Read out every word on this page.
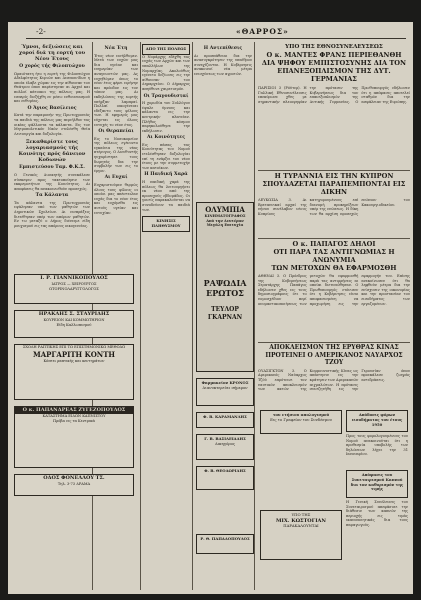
-2-	«ΘΑΡΡΟΣ»
Ύμνοι, δεξιώσεις και χοροί διά τη εορτή του Νέου Έτους
Ο χορός τής Φιλοπτώχου
Ωραιότατη ήτο η εορτή της Φιλοπτώχου Αδελφότητος Κυριών και Δεσποινίδων η οποία έλαβε χώραν εις την αίθουσαν του Θεάτρου όπου παρέστησαν αι Αρχαί και πολλοί κάτοικοι της πόλεως μας. Η εσπερίς διεξήχθη εν μέσω ενθουσιασμού και ευθυμίας.
Ο Άγιος Βασίλειος
Κατά την παραμονήν της Πρωτοχρονιάς τα παιδιά της πόλεως μας περιήλθον τας οικίας ψάλλοντα τα κάλαντα. Εις τον Μητροπολιτικόν Ναόν ετελέσθη Θεία Λειτουργία και δοξολογία.
Ξεκαθαρίστε τους λογαριασμούς τής Κοινότης πρός δάνειον Κοδωνών
Εμπιστεύσου Ταμ. Φ.Κ.Σ.
Ο Γενικός Διοικητής συνεκάλεσε σύσκεψιν προς τακτοποίησιν των εκκρεμοτήτων της Κοινότητος. Αι αποφάσεις θα ανακοινωθούν προσεχώς.
Τα Κάλαντα
Τα κάλαντα της Πρωτοχρονιάς εψάλησαν υπό των μαθητών των Δημοτικών Σχολείων. Αι εισπράξεις διετέθησαν υπέρ των απόρων μαθητών. Εν τω μεταξύ ο Δήμος διένειμε είδη ρουχισμού εις τας απόρους οικογενείας.
Ι. Ρ. ΓΙΑΝΝΙΚΟΠΟΥΛΟΣ
ΙΑΤΡΟΣ — ΧΕΙΡΟΥΡΓΟΣ
ΩΤΟΡΙΝΟΛΑΡΥΓΓΟΛΟΓΟΣ
ΗΡΑΚΛΗΣ Σ. ΣΤΑΥΡΙΔΗΣ
ΚΟΥΡΕΙΟΝ ΚΑΙ ΚΟΜΜΩΤΗΡΙΟΝ
Είδη Καλλωπισμού
ΣΧΟΛΗ ΡΑΠΤΙΚΗΣ ΕΠΙ ΤΩ ΕΠΙΣΤΗΜΟΝΙΚΩ ΜΕΘΟΔΩ
ΜΑΡΓΑΡΙΤΗ ΚΟΝΤΗ
Κόπτει ραπτικής και κεντημάτων
Ο κ. ΠΑΠΑΝΔΡΕΑΣ ΖΥΓΕΖΟΠΟΥΛΟΣ
ΚΑΤΑΣΤΗΜΑ ΕΙΔΩΝ ΚΑΠΝΙΣΤΟΥ
Πρόβα εις τα Κεντρικά
ΟΔΟΣ ΦΟΝΕΛΛΟΥ ΤΣ.
Τηλ. 3-73 ΔΡΑΜΑ
Νέα Έτη
Έτος νέον εισήλθομεν. Μετά των ευχών μας δια υγείαν και ευημερίαν των αναγνωστών μας. Ας ευχηθώμεν όπως το νέον έτος φέρει ειρήνην και πρόοδον εις τον τόπον μας. Αι εκδηλώσεις της εορτής υπήρξαν λαμπραί. Πολλαί οικογένειαι εδέξαντο τους φίλους των. Η εφημερίς μας εύχεται εις όλους ευτυχές το νέον έτος.
Οι Θεραπείαι
Εις το Νοσοκομείον της πόλεως εγένοντο εγκαίνια της νέας πτέρυγος. Ο Διευθυντής ηυχαρίστησε τους δωρητάς δια την συμβολήν των εις το έργον.
Αι Ευχαί
Ευχαριστούμεν θερμώς όλους τους φίλους οι οποίοι μας απέστειλαν ευχάς δια το νέον έτος και ευχόμεθα εις αυτούς υγείαν και ευτυχίαν.
ΑΠΟ ΤΗΣ ΠΟΛΕΩΣ
Ο Νομάρχης εδέχθη τας ευχάς των Αρχών και των υπαλλήλων της Νομαρχίας. Ακολούθως εγένετο δεξίωσις εις την αίθουσαν του Δημαρχείου. Ο Δήμαρχος απηύθυνε χαιρετισμόν.
Οι Τραγουδισταί
Η χορωδία του Συλλόγου έψαλε ύμνους και κάλαντα εις την κεντρικήν πλατείαν. Πλήθος κόσμου παρηκολούθησε την εκδήλωσιν.
Αι Κοινότητες
Εις πάσας τας Κοινότητας του Νομού ετελέσθησαν δοξολογίαι επί τη ενάρξει του νέου έτους με την συμμετοχήν των κατοίκων.
Η Παιδική Χαρά
Η παιδική χαρά της πόλεως θα λειτουργήσει εκ νέου από της προσεχούς εβδομάδος. Οι γονείς παρακαλούνται να συνοδεύουν τα παιδιά των.
ΚΙΝΗΣΙΣ ΠΛΗΘΥΣΜΟΥ
Η Αντεπίθεσις
Αι προσπάθειαι δια την ανασυγκρότησιν της υπαίθρου συνεχίζονται. Η Κυβέρνησις ανακοινοί νέα μέτρα ενισχύσεως των αγροτών.
ΟΛΥΜΠΙΑ
ΚΙΝΗΜΑΤΟΓΡΑΦΟΣ
Από την Δευτέραν
Μεγάλη Επιτυχία
ΡΑΨΩΔΙΑ ΕΡΩΤΟΣ
ΤΕΥΛΟΡ
ΓΚΑΡΝΑΝ
Φαρμακείον ΚΡΟΝΟΣ
Διανυκτερεύει σήμερον
Φ. Β. ΚΑΡΑΜΑΝΛΗΣ
Γ. Β. ΒΑΣΙΛΕΙΑΔΗΣ
Δικηγόρος
Φ. Β. ΘΕΟΔΩΡΙΔΗΣ
Ρ. Θ. ΠΑΠΑΔΟΠΟΥΛΟΣ
ΥΠΟ ΤΗΣ ΕΘΝΟΣΥΝΕΛΕΥΣΕΩΣ
Ο κ. ΜΑΝΤΕΣ ΦΡΑΝΣ ΠΕΡΙΕΘΑΝΘΗ
ΔΙΑ ΨΗΦΟΥ ΕΜΠΙΣΤΟΣΥΝΗΣ ΔΙΑ ΤΟΝ
ΕΠΑΝΕΞΟΠΛΙΣΜΟΝ ΤΗΣ ΔΥΤ. ΓΕΡΜΑΝΙΑΣ
ΠΑΡΙΣΙΟΙ 3 (Ρόϋτερ). Η Γαλλική Εθνοσυνέλευσις επεκύρωσε χθες με σημαντικήν πλειοψηφίαν την πρότασιν της Κυβερνήσεως δια τον επανεξοπλισμόν της Δυτικής Γερμανίας. Ο Πρωθυπουργός εδήλωσεν ότι η απόφασις αποτελεί σταθμόν δια την ασφάλειαν της Ευρώπης.
Η ΤΥΡΑΝΝΙΑ ΕΙΣ ΤΗΝ ΚΥΠΡΟΝ
ΣΠΟΥΔΑΖΕΤΑΙ ΠΑΡΑΠΕΜΠΟΝΤΑΙ ΕΙΣ ΔΙΚΗΝ
ΛΕΥΚΩΣΙΑ 3. Αι Βρεταννικαί αρχαί της νήσου συνέλαβον νέους Κυπρίους κατηγορουμένους επί διανομή προκηρύξεων υπέρ της ενώσεως. Η δίκη των θα αρχίση προσεχώς ενώπιον του Κακουργιοδικείου.
Ο κ. ΠΑΠΑΓΟΣ ΔΗΛΟΙ
ΟΤΙ ΠΑΡΑ ΤΑΣ ΑΝΤΙΓΝΩΜΙΑΣ Η ΑΝΩΝΥΜΙΑ
ΤΩΝ ΜΕΤΟΧΩΝ ΘΑ ΕΦΑΡΜΟΣΘΗ
ΑΘΗΝΑΙ 3. Ο Πρόεδρος της Κυβερνήσεως Στρατάρχης Παπάγος εδήλωσεν χθες εις τους δημοσιογράφους ότι το νομοσχέδιον περί ονομαστικοποιήσεως των μετοχών θα εφαρμοσθή παρά τας αντιρρήσεις αι οποίαι διετυπώθησαν. Ο Πρωθυπουργός ετόνισεν ότι η Κυβέρνησις είναι αποφασισμένη να προχωρήση εις την εφαρμογήν του. Επίσης ανεκοίνωσεν ότι θα ληφθούν μέτρα δια την ενίσχυσιν της οικονομίας και την προστασίαν του εισοδήματος των εργαζομένων.
ΑΠΟΚΛΕΙΣΜΟΝ ΤΗΣ ΕΡΥΘΡΑΣ ΚΙΝΑΣ
ΠΡΟΤΕΙΝΕΙ Ο ΑΜΕΡΙΚΑΝΟΣ ΝΑΥΑΡΧΟΣ ΤΖΟΥ
ΟΥΑΣΙΓΚΤΩΝ 3. Ο Αμερικανός Ναύαρχος Τζόϋ επρότεινε τον ναυτικόν αποκλεισμόν των ακτών της Κομμουνιστικής Κίνας ως απάντησιν εις την κράτησιν των Αμερικανών αιχμαλώτων. Η πρότασις συνεζητήθη εις την Γερουσίαν όπου προεκάλεσε ζωηράς αντιδράσεις.
Απόδοσις φόρων εισοδήματος του έτους 1950
Προς τους φορολογουμένους του Νομού ανακοινούται ότι η προθεσμία υποβολής των δηλώσεων λήγει την 31 Ιανουαρίου.
Απόφασις του Συνεταιρισμού Καπνού δια τον καθορισμόν της τιμής
Η Γενική Συνέλευσις του Συνεταιρισμού απεφάσισε την διάθεσιν των καπνών της περιοχής εις τιμάς ικανοποιητικάς δια τους παραγωγούς.
του ετήσιου απολογισμού
Εις το Γραφείον του Συνδέσμου
ΥΠΟ ΤΗΣ
ΜΙΧ. ΚΩΣΤΟΓΙΑΝ
ΠΑΡΑΚΑΛΟΥΝΤΑΙ
